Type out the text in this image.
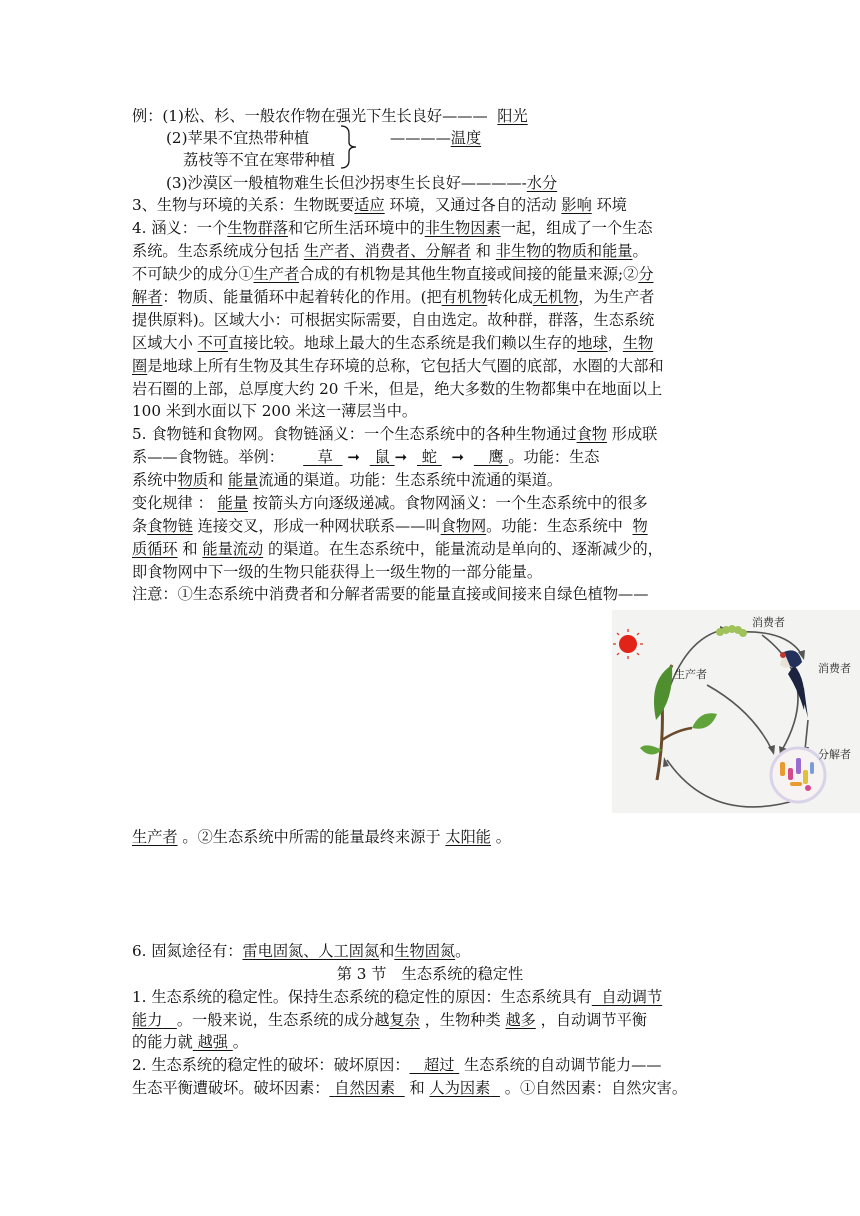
例：(1)松、杉、一般农作物在强光下生长良好——— 阳光
(2)苹果不宜热带种植
荔枝等不宜在寒带种植
————温度
(3)沙漠区一般植物难生长但沙拐枣生长良好————-水分
3、生物与环境的关系：生物既要适应 环境，又通过各自的活动 影响 环境
4. 涵义：一个生物群落和它所生活环境中的非生物因素一起，组成了一个生态
系统。生态系统成分包括 生产者、消费者、分解者 和 非生物的物质和能量。
不可缺少的成分①生产者合成的有机物是其他生物直接或间接的能量来源;②分
解者：物质、能量循环中起着转化的作用。(把有机物转化成无机物，为生产者
提供原料)。区域大小：可根据实际需要，自由选定。故种群，群落，生态系统
区域大小 不可直接比较。地球上最大的生态系统是我们赖以生存的地球，生物
圈是地球上所有生物及其生存环境的总称，它包括大气圈的底部，水圈的大部和
岩石圈的上部，总厚度大约 20 千米，但是，绝大多数的生物都集中在地面以上
100 米到水面以下 200 米这一薄层当中。
5. 食物链和食物网。食物链涵义：一个生态系统中的各种生物通过食物 形成联
系——食物链。举例： 草 ➞ 鼠 ➞ 蛇 ➞ 鹰 。功能：生态
系统中物质和 能量流通的渠道。功能：生态系统中流通的渠道。
变化规律 ： 能量 按箭头方向逐级递减。食物网涵义：一个生态系统中的很多
条食物链 连接交叉，形成一种网状联系——叫食物网。功能：生态系统中 物
质循环 和 能量流动 的渠道。在生态系统中，能量流动是单向的、逐渐减少的，
即食物网中下一级的生物只能获得上一级生物的一部分能量。
注意：①生态系统中消费者和分解者需要的能量直接或间接来自绿色植物——
生产者
消费者
消费者
分解者
生产者 。②生态系统中所需的能量最终来源于 太阳能 。
6. 固氮途径有：雷电固氮、人工固氮和生物固氮。
第 3 节　生态系统的稳定性
1. 生态系统的稳定性。保持生态系统的稳定性的原因：生态系统具有 自动调节
能力 。一般来说，生态系统的成分越复杂 ，生物种类 越多 ，自动调节平衡
的能力就 越强 。
2. 生态系统的稳定性的破坏：破坏原因： 超过 生态系统的自动调节能力——
生态平衡遭破坏。破坏因素： 自然因素 和 人为因素 。①自然因素：自然灾害。
